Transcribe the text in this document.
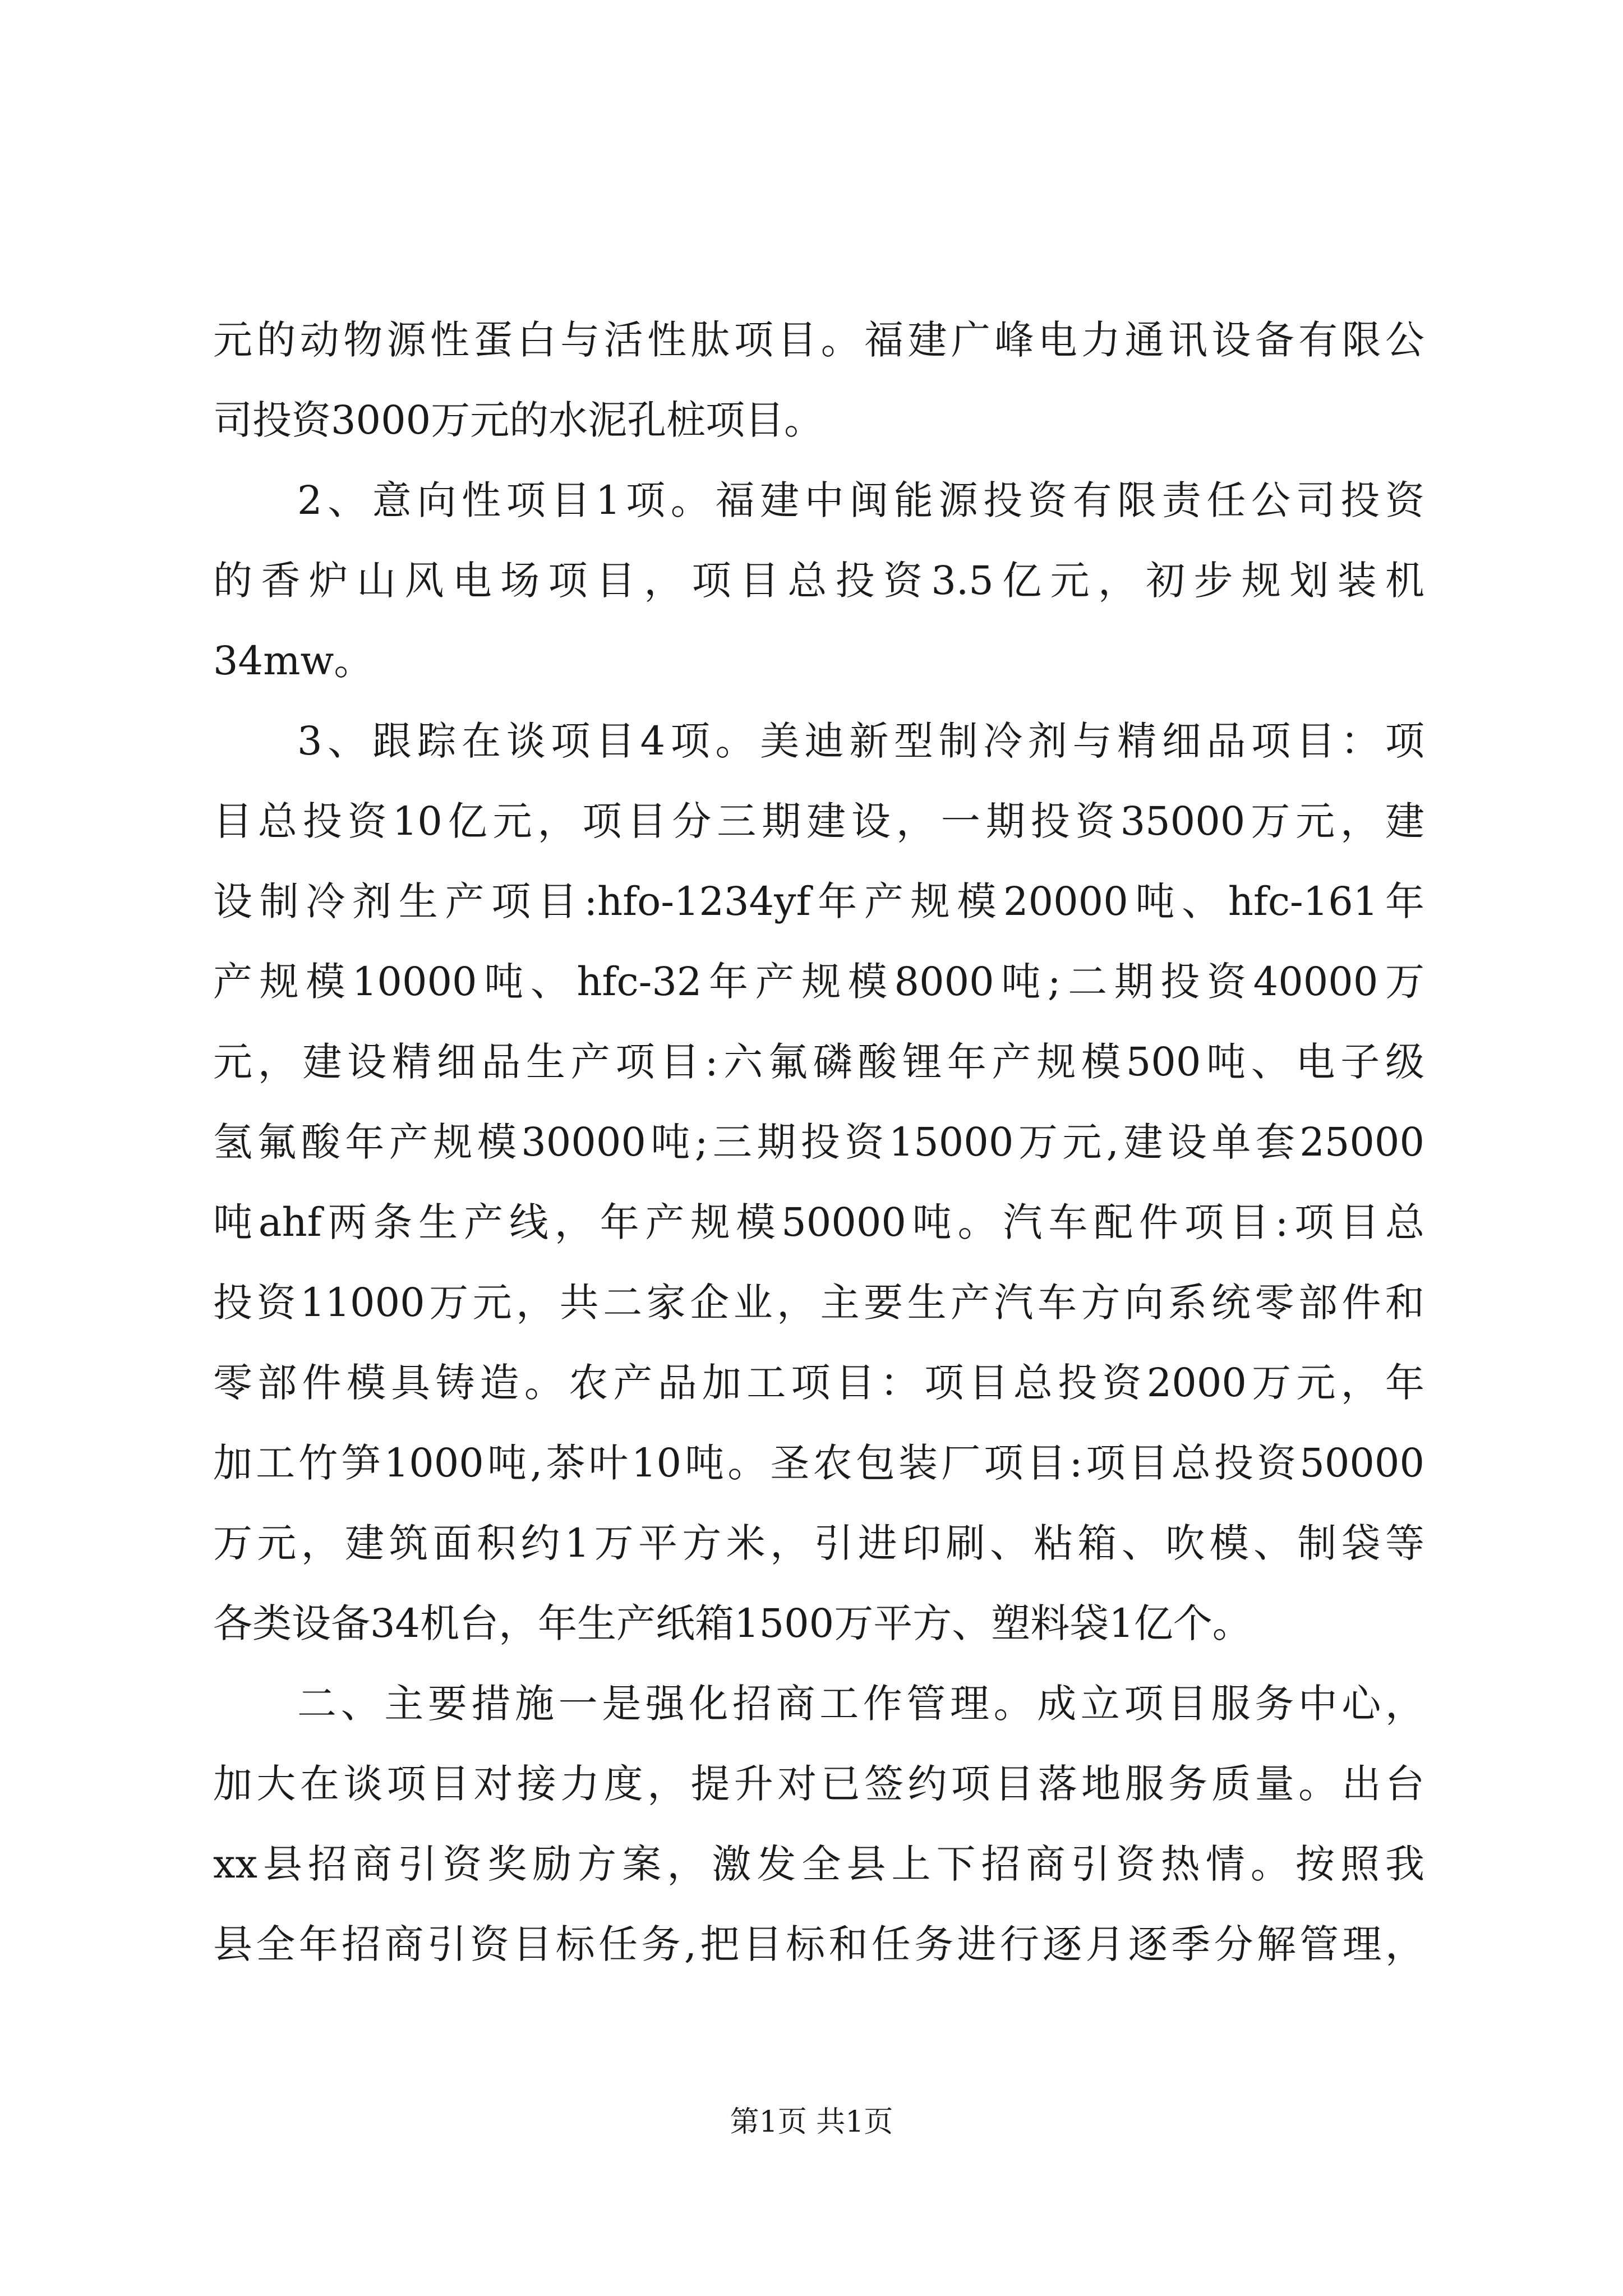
元的动物源性蛋白与活性肽项目。福建广峰电力通讯设备有限公
司投资3000万元的水泥孔桩项目。
2、意向性项目1项。福建中闽能源投资有限责任公司投资
的香炉山风电场项目，项目总投资3.5亿元，初步规划装机
34mw。
3、跟踪在谈项目4项。美迪新型制冷剂与精细品项目：项
目总投资10亿元，项目分三期建设，一期投资35000万元，建
设制冷剂生产项目:hfo-1234yf年产规模20000吨、hfc-161年
产规模10000吨、hfc-32年产规模8000吨;二期投资40000万
元，建设精细品生产项目:六氟磷酸锂年产规模500吨、电子级
氢氟酸年产规模30000吨;三期投资15000万元,建设单套25000
吨ahf两条生产线，年产规模50000吨。汽车配件项目:项目总
投资11000万元，共二家企业，主要生产汽车方向系统零部件和
零部件模具铸造。农产品加工项目：项目总投资2000万元，年
加工竹笋1000吨,茶叶10吨。圣农包装厂项目:项目总投资50000
万元，建筑面积约1万平方米，引进印刷、粘箱、吹模、制袋等
各类设备34机台，年生产纸箱1500万平方、塑料袋1亿个。
二、主要措施一是强化招商工作管理。成立项目服务中心，
加大在谈项目对接力度，提升对已签约项目落地服务质量。出台
xx县招商引资奖励方案，激发全县上下招商引资热情。按照我
县全年招商引资目标任务,把目标和任务进行逐月逐季分解管理，
第1页 共1页
